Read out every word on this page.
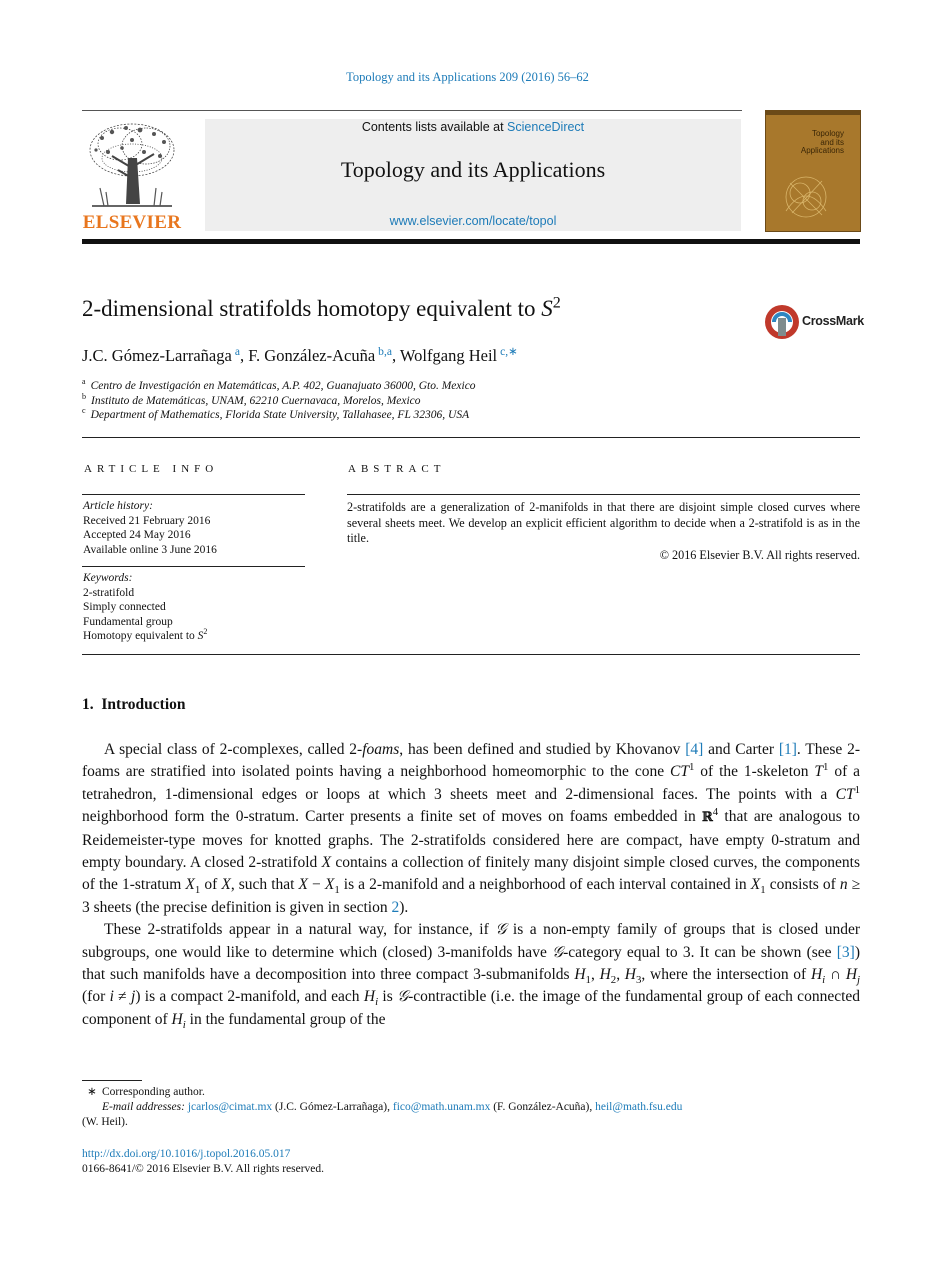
Topology and its Applications 209 (2016) 56–62
ELSEVIER
Contents lists available at ScienceDirect
Topology and its Applications
www.elsevier.com/locate/topol
Topology
and its
Applications
2-dimensional stratifolds homotopy equivalent to $S^2$
CrossMark
J.C. Gómez-Larrañaga $^a$, F. González-Acuña $^{b,a}$, Wolfgang Heil $^{c,∗}$
$^a$ Centro de Investigación en Matemáticas, A.P. 402, Guanajuato 36000, Gto. Mexico
$^b$ Instituto de Matemáticas, UNAM, 62210 Cuernavaca, Morelos, Mexico
$^c$ Department of Mathematics, Florida State University, Tallahasee, FL 32306, USA
ARTICLE INFO
Article history:
Received 21 February 2016
Accepted 24 May 2016
Available online 3 June 2016
Keywords:
2-stratifold
Simply connected
Fundamental group
Homotopy equivalent to $S^2$
ABSTRACT
2-stratifolds are a generalization of 2-manifolds in that there are disjoint simple closed curves where several sheets meet. We develop an explicit efficient algorithm to decide when a 2-stratifold is as in the title.
© 2016 Elsevier B.V. All rights reserved.
1. Introduction

A special class of 2-complexes, called 2-foams, has been defined and studied by Khovanov [4] and Carter [1]. These 2-foams are stratified into isolated points having a neighborhood homeomorphic to the cone $CT^1$ of the 1-skeleton $T^1$ of a tetrahedron, 1-dimensional edges or loops at which 3 sheets meet and 2-dimensional faces. The points with a $CT^1$ neighborhood form the 0-stratum. Carter presents a finite set of moves on foams embedded in ℝ$^4$ that are analogous to Reidemeister-type moves for knotted graphs. The 2-stratifolds considered here are compact, have empty 0-stratum and empty boundary. A closed 2-stratifold X contains a collection of finitely many disjoint simple closed curves, the components of the 1-stratum $X_1$ of X, such that $X - X_1$ is a 2-manifold and a neighborhood of each interval contained in $X_1$ consists of n ≥ 3 sheets (the precise definition is given in section 2).

These 2-stratifolds appear in a natural way, for instance, if 𝒢 is a non-empty family of groups that is closed under subgroups, one would like to determine which (closed) 3-manifolds have 𝒢-category equal to 3. It can be shown (see [3]) that such manifolds have a decomposition into three compact 3-submanifolds $H_1$, $H_2$, $H_3$, where the intersection of $H_i$ ∩ $H_j$ (for i ≠ j) is a compact 2-manifold, and each $H_i$ is 𝒢-contractible (i.e. the image of the fundamental group of each connected component of $H_i$ in the fundamental group of the

∗ Corresponding author.
E-mail addresses: jcarlos@cimat.mx (J.C. Gómez-Larrañaga), fico@math.unam.mx (F. González-Acuña), heil@math.fsu.edu
(W. Heil).
http://dx.doi.org/10.1016/j.topol.2016.05.017
0166-8641/© 2016 Elsevier B.V. All rights reserved.
